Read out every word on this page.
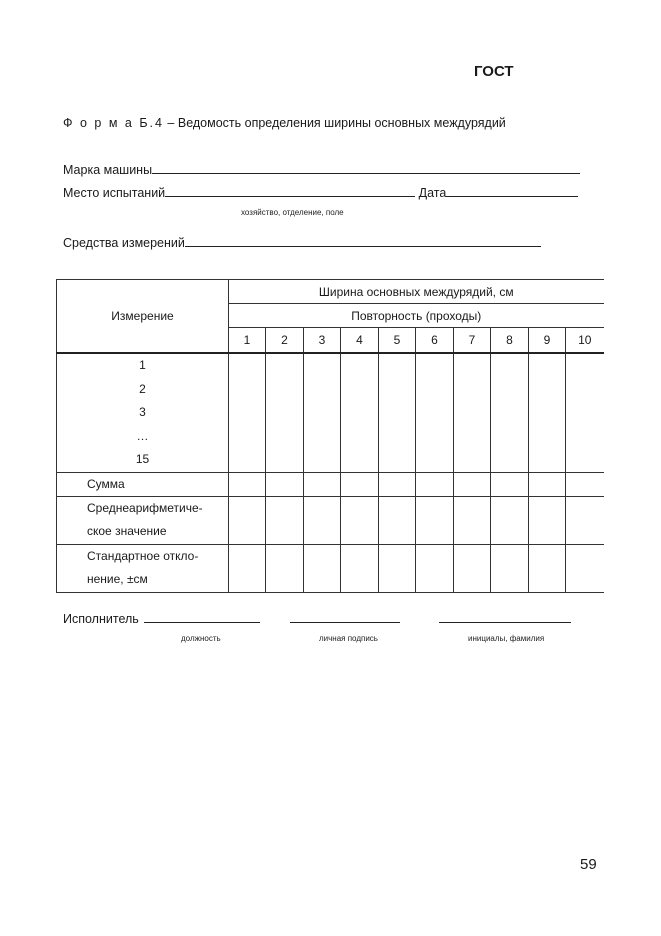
ГОСТ
Ф о р м а Б.4 – Ведомость определения ширины основных междурядий
Марка машины
Место испытаний	Дата
хозяйство, отделение, поле
Средства измерений
Измерение	Ширина основных междурядий, см									
	Повторность (проходы)									
	1	2	3	4	5	6	7	8	9	10

1
2
3
…
15										

Сумма										

Среднеарифметиче-
ское значение										

Стандартное откло-
нение, ±см										

Исполнитель
должность	личная подпись	инициалы, фамилия
59
